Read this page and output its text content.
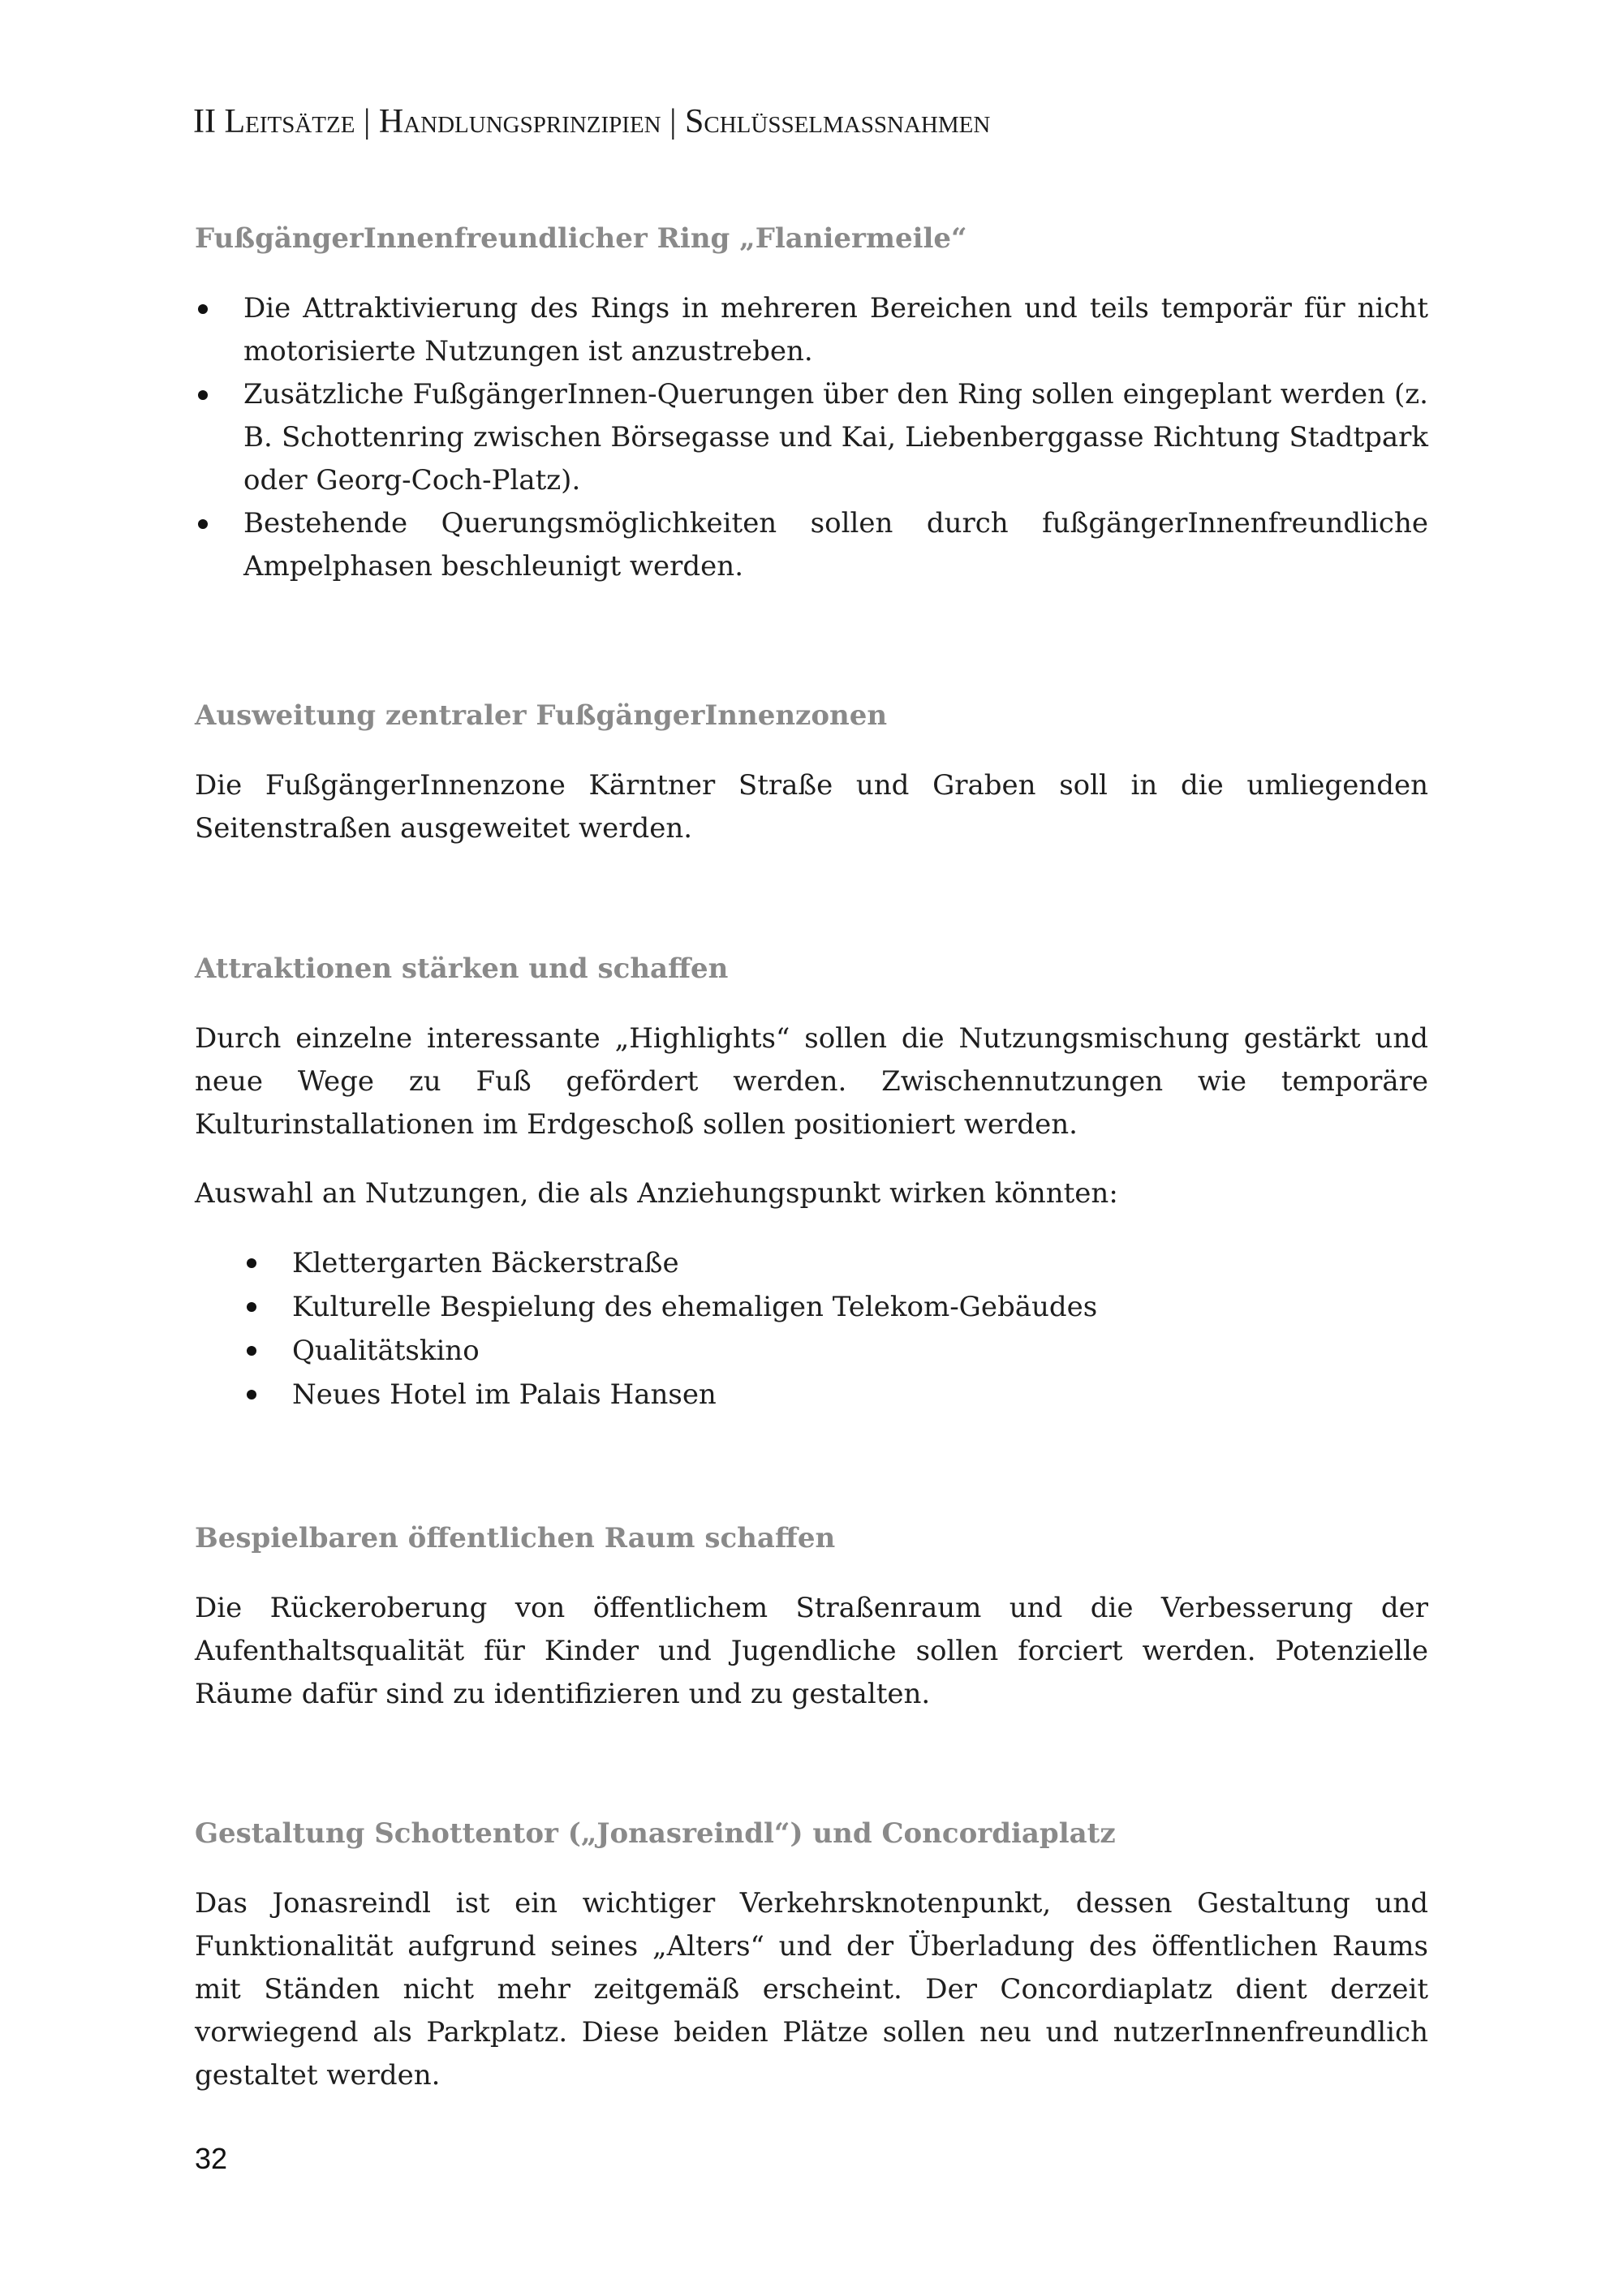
II Leitsätze | Handlungsprinzipien | Schlüsselmassnahmen
FußgängerInnenfreundlicher Ring „Flaniermeile“
Die Attraktivierung des Rings in mehreren Bereichen und teils temporär für nicht motorisierte Nutzungen ist anzustreben.
Zusätzliche FußgängerInnen-Querungen über den Ring sollen eingeplant werden (z. B. Schottenring zwischen Börsegasse und Kai, Liebenberggasse Richtung Stadtpark oder Georg-Coch-Platz).
Bestehende Querungsmöglichkeiten sollen durch fußgängerInnenfreundliche Ampelphasen beschleunigt werden.
Ausweitung zentraler FußgängerInnenzonen

Die FußgängerInnenzone Kärntner Straße und Graben soll in die umliegenden Seitenstraßen ausgeweitet werden.

Attraktionen stärken und schaffen

Durch einzelne interessante „Highlights“ sollen die Nutzungsmischung gestärkt und neue Wege zu Fuß gefördert werden. Zwischennutzungen wie temporäre Kulturinstallationen im Erdgeschoß sollen positioniert werden.

Auswahl an Nutzungen, die als Anziehungspunkt wirken könnten:

Klettergarten Bäckerstraße
Kulturelle Bespielung des ehemaligen Telekom-Gebäudes
Qualitätskino
Neues Hotel im Palais Hansen
Bespielbaren öffentlichen Raum schaffen

Die Rückeroberung von öffentlichem Straßenraum und die Verbesserung der Aufenthaltsqualität für Kinder und Jugendliche sollen forciert werden. Potenzielle Räume dafür sind zu identifizieren und zu gestalten.

Gestaltung Schottentor („Jonasreindl“) und Concordiaplatz

Das Jonasreindl ist ein wichtiger Verkehrsknotenpunkt, dessen Gestaltung und Funktionalität aufgrund seines „Alters“ und der Überladung des öffentlichen Raums mit Ständen nicht mehr zeitgemäß erscheint. Der Concordiaplatz dient derzeit vorwiegend als Parkplatz. Diese beiden Plätze sollen neu und nutzerInnenfreundlich gestaltet werden.

32
